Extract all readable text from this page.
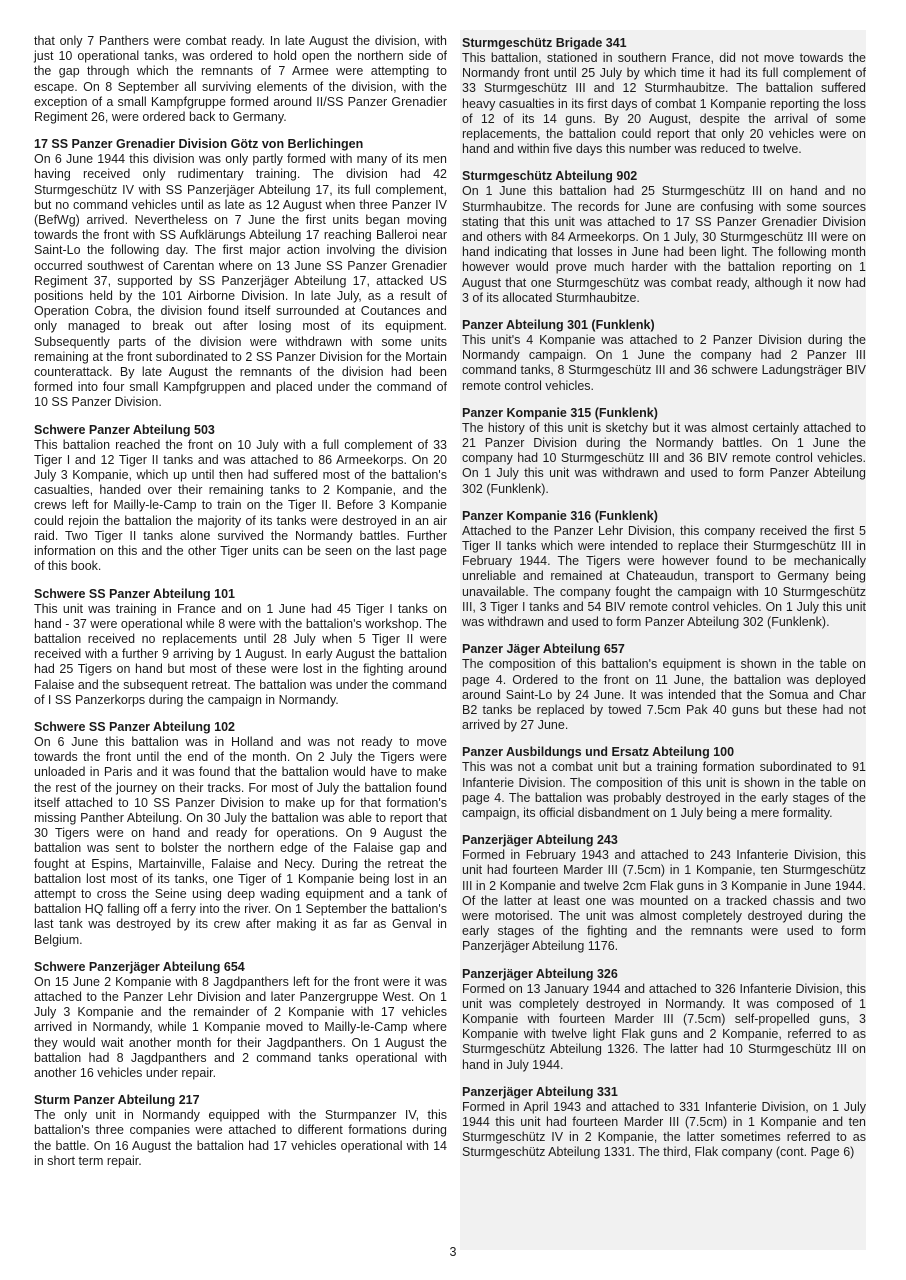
that only 7 Panthers were combat ready. In late August the division, with just 10 operational tanks, was ordered to hold open the northern side of the gap through which the remnants of 7 Armee were attempting to escape. On 8 September all surviving elements of the division, with the exception of a small Kampfgruppe formed around II/SS Panzer Grenadier Regiment 26, were ordered back to Germany.

17 SS Panzer Grenadier Division Götz von Berlichingen

On 6 June 1944 this division was only partly formed with many of its men having received only rudimentary training. The division had 42 Sturmgeschütz IV with SS Panzerjäger Abteilung 17, its full complement, but no command vehicles until as late as 12 August when three Panzer IV (BefWg) arrived. Nevertheless on 7 June the first units began moving towards the front with SS Aufklärungs Abteilung 17 reaching Balleroi near Saint-Lo the following day. The first major action involving the division occurred southwest of Carentan where on 13 June SS Panzer Grenadier Regiment 37, supported by SS Panzerjäger Abteilung 17, attacked US positions held by the 101 Airborne Division. In late July, as a result of Operation Cobra, the division found itself surrounded at Coutances and only managed to break out after losing most of its equipment. Subsequently parts of the division were withdrawn with some units remaining at the front subordinated to 2 SS Panzer Division for the Mortain counterattack. By late August the remnants of the division had been formed into four small Kampfgruppen and placed under the command of 10 SS Panzer Division.

Schwere Panzer Abteilung 503

This battalion reached the front on 10 July with a full complement of 33 Tiger I and 12 Tiger II tanks and was attached to 86 Armeekorps. On 20 July 3 Kompanie, which up until then had suffered most of the battalion's casualties, handed over their remaining tanks to 2 Kompanie, and the crews left for Mailly-le-Camp to train on the Tiger II. Before 3 Kompanie could rejoin the battalion the majority of its tanks were destroyed in an air raid. Two Tiger II tanks alone survived the Normandy battles. Further information on this and the other Tiger units can be seen on the last page of this book.

Schwere SS Panzer Abteilung 101

This unit was training in France and on 1 June had 45 Tiger I tanks on hand - 37 were operational while 8 were with the battalion's workshop. The battalion received no replacements until 28 July when 5 Tiger II were received with a further 9 arriving by 1 August. In early August the battalion had 25 Tigers on hand but most of these were lost in the fighting around Falaise and the subsequent retreat. The battalion was under the command of I SS Panzerkorps during the campaign in Normandy.

Schwere SS Panzer Abteilung 102

On 6 June this battalion was in Holland and was not ready to move towards the front until the end of the month. On 2 July the Tigers were unloaded in Paris and it was found that the battalion would have to make the rest of the journey on their tracks. For most of July the battalion found itself attached to 10 SS Panzer Division to make up for that formation's missing Panther Abteilung. On 30 July the battalion was able to report that 30 Tigers were on hand and ready for operations. On 9 August the battalion was sent to bolster the northern edge of the Falaise gap and fought at Espins, Martainville, Falaise and Necy. During the retreat the battalion lost most of its tanks, one Tiger of 1 Kompanie being lost in an attempt to cross the Seine using deep wading equipment and a tank of battalion HQ falling off a ferry into the river. On 1 September the battalion's last tank was destroyed by its crew after making it as far as Genval in Belgium.

Schwere Panzerjäger Abteilung 654

On 15 June 2 Kompanie with 8 Jagdpanthers left for the front were it was attached to the Panzer Lehr Division and later Panzergruppe West. On 1 July 3 Kompanie and the remainder of 2 Kompanie with 17 vehicles arrived in Normandy, while 1 Kompanie moved to Mailly-le-Camp where they would wait another month for their Jagdpanthers. On 1 August the battalion had 8 Jagdpanthers and 2 command tanks operational with another 16 vehicles under repair.

Sturm Panzer Abteilung 217

The only unit in Normandy equipped with the Sturmpanzer IV, this battalion's three companies were attached to different formations during the battle. On 16 August the battalion had 17 vehicles operational with 14 in short term repair.

Sturmgeschütz Brigade 341

This battalion, stationed in southern France, did not move towards the Normandy front until 25 July by which time it had its full complement of 33 Sturmgeschütz III and 12 Sturmhaubitze. The battalion suffered heavy casualties in its first days of combat 1 Kompanie reporting the loss of 12 of its 14 guns. By 20 August, despite the arrival of some replacements, the battalion could report that only 20 vehicles were on hand and within five days this number was reduced to twelve.

Sturmgeschütz Abteilung 902

On 1 June this battalion had 25 Sturmgeschütz III on hand and no Sturmhaubitze. The records for June are confusing with some sources stating that this unit was attached to 17 SS Panzer Grenadier Division and others with 84 Armeekorps. On 1 July, 30 Sturmgeschütz III were on hand indicating that losses in June had been light. The following month however would prove much harder with the battalion reporting on 1 August that one Sturmgeschütz was combat ready, although it now had 3 of its allocated Sturmhaubitze.

Panzer Abteilung 301 (Funklenk)

This unit's 4 Kompanie was attached to 2 Panzer Division during the Normandy campaign. On 1 June the company had 2 Panzer III command tanks, 8 Sturmgeschütz III and 36 schwere Ladungsträger BIV remote control vehicles.

Panzer Kompanie 315 (Funklenk)

The history of this unit is sketchy but it was almost certainly attached to 21 Panzer Division during the Normandy battles. On 1 June the company had 10 Sturmgeschütz III and 36 BIV remote control vehicles. On 1 July this unit was withdrawn and used to form Panzer Abteilung 302 (Funklenk).

Panzer Kompanie 316 (Funklenk)

Attached to the Panzer Lehr Division, this company received the first 5 Tiger II tanks which were intended to replace their Sturmgeschütz III in February 1944. The Tigers were however found to be mechanically unreliable and remained at Chateaudun, transport to Germany being unavailable. The company fought the campaign with 10 Sturmgeschütz III, 3 Tiger I tanks and 54 BIV remote control vehicles. On 1 July this unit was withdrawn and used to form Panzer Abteilung 302 (Funklenk).

Panzer Jäger Abteilung 657

The composition of this battalion's equipment is shown in the table on page 4. Ordered to the front on 11 June, the battalion was deployed around Saint-Lo by 24 June. It was intended that the Somua and Char B2 tanks be replaced by towed 7.5cm Pak 40 guns but these had not arrived by 27 June.

Panzer Ausbildungs und Ersatz Abteilung 100

This was not a combat unit but a training formation subordinated to 91 Infanterie Division. The composition of this unit is shown in the table on page 4. The battalion was probably destroyed in the early stages of the campaign, its official disbandment on 1 July being a mere formality.

Panzerjäger Abteilung 243

Formed in February 1943 and attached to 243 Infanterie Division, this unit had fourteen Marder III (7.5cm) in 1 Kompanie, ten Sturmgeschütz III in 2 Kompanie and twelve 2cm Flak guns in 3 Kompanie in June 1944. Of the latter at least one was mounted on a tracked chassis and two were motorised. The unit was almost completely destroyed during the early stages of the fighting and the remnants were used to form Panzerjäger Abteilung 1176.

Panzerjäger Abteilung 326

Formed on 13 January 1944 and attached to 326 Infanterie Division, this unit was completely destroyed in Normandy. It was composed of 1 Kompanie with fourteen Marder III (7.5cm) self-propelled guns, 3 Kompanie with twelve light Flak guns and 2 Kompanie, referred to as Sturmgeschütz Abteilung 1326. The latter had 10 Sturmgeschütz III on hand in July 1944.

Panzerjäger Abteilung 331

Formed in April 1943 and attached to 331 Infanterie Division, on 1 July 1944 this unit had fourteen Marder III (7.5cm) in 1 Kompanie and ten Sturmgeschütz IV in 2 Kompanie, the latter sometimes referred to as Sturmgeschütz Abteilung 1331. The third, Flak company (cont. Page 6)

3
